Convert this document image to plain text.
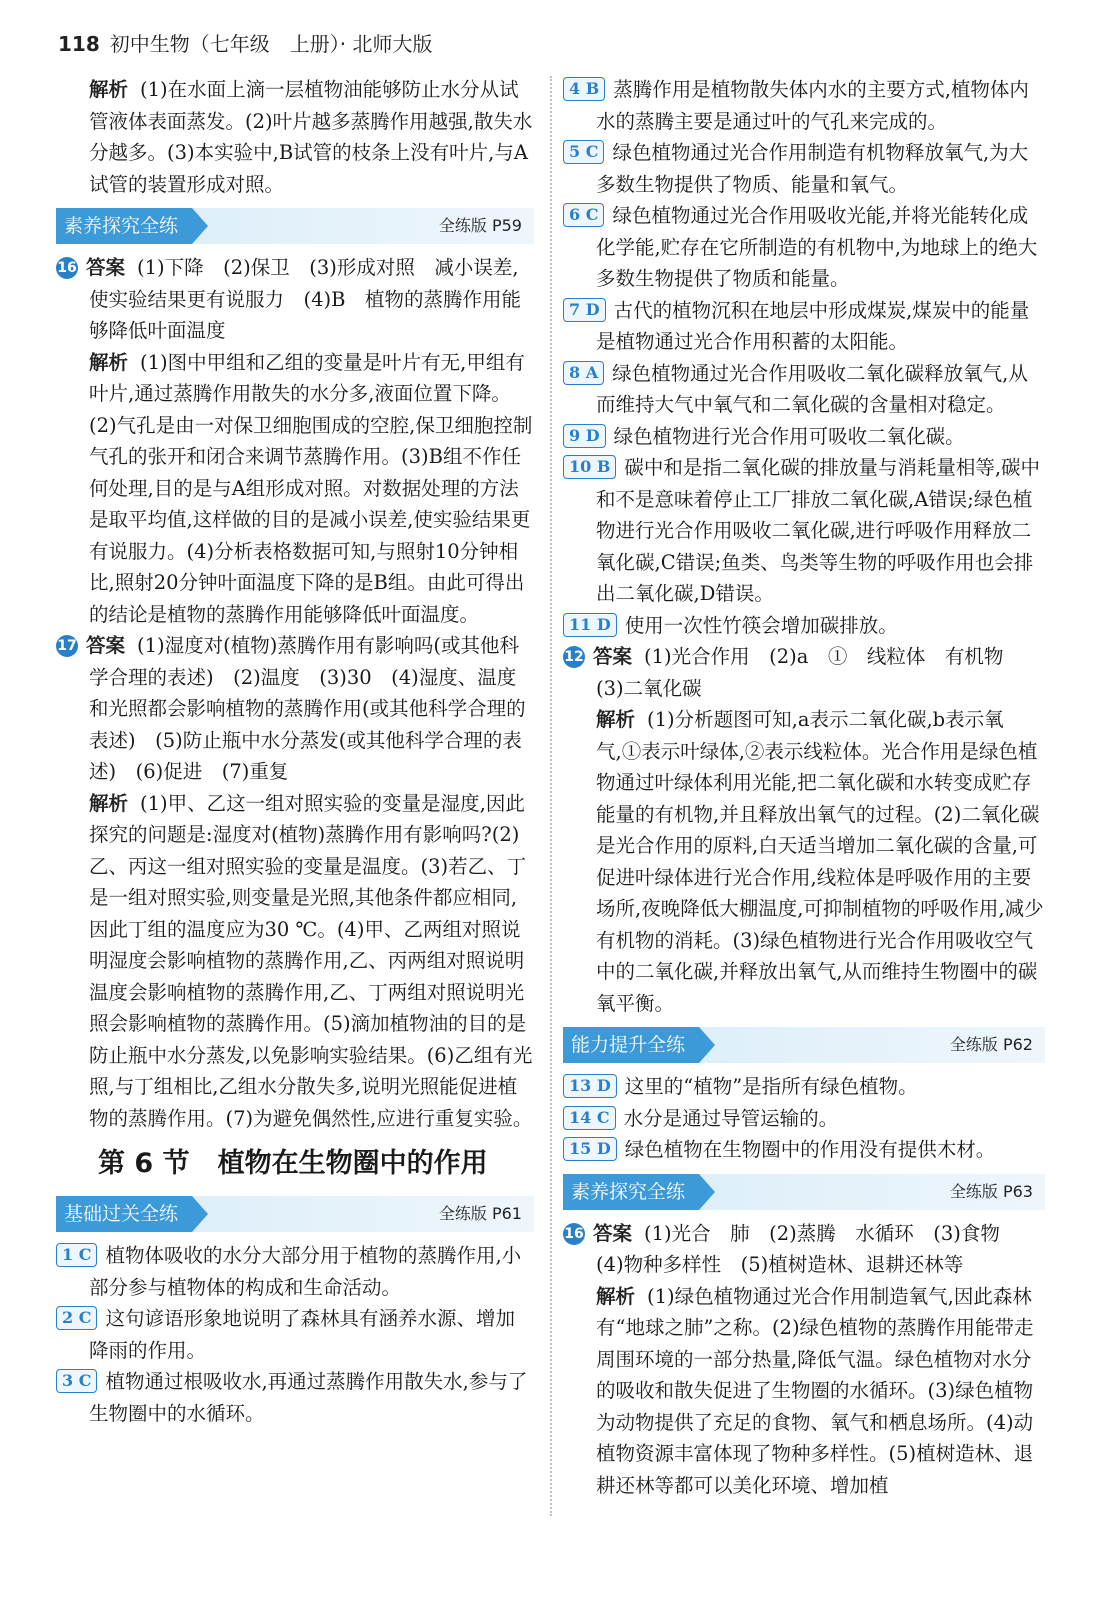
118 初中生物（七年级　上册）· 北师大版

解析 (1)在水面上滴一层植物油能够防止水分从试管液体表面蒸发。(2)叶片越多蒸腾作用越强,散失水分越多。(3)本实验中,B试管的枝条上没有叶片,与A试管的装置形成对照。

素养探究全练	全练版 P59

16 答案 (1)下降　(2)保卫　(3)形成对照　减小误差,使实验结果更有说服力　(4)B　植物的蒸腾作用能够降低叶面温度

解析 (1)图中甲组和乙组的变量是叶片有无,甲组有叶片,通过蒸腾作用散失的水分多,液面位置下降。(2)气孔是由一对保卫细胞围成的空腔,保卫细胞控制气孔的张开和闭合来调节蒸腾作用。(3)B组不作任何处理,目的是与A组形成对照。对数据处理的方法是取平均值,这样做的目的是减小误差,使实验结果更有说服力。(4)分析表格数据可知,与照射10分钟相比,照射20分钟叶面温度下降的是B组。由此可得出的结论是植物的蒸腾作用能够降低叶面温度。

17 答案 (1)湿度对(植物)蒸腾作用有影响吗(或其他科学合理的表述)　(2)温度　(3)30　(4)湿度、温度和光照都会影响植物的蒸腾作用(或其他科学合理的表述)　(5)防止瓶中水分蒸发(或其他科学合理的表述)　(6)促进　(7)重复

解析 (1)甲、乙这一组对照实验的变量是湿度,因此探究的问题是:湿度对(植物)蒸腾作用有影响吗?(2)乙、丙这一组对照实验的变量是温度。(3)若乙、丁是一组对照实验,则变量是光照,其他条件都应相同,因此丁组的温度应为30 ℃。(4)甲、乙两组对照说明湿度会影响植物的蒸腾作用,乙、丙两组对照说明温度会影响植物的蒸腾作用,乙、丁两组对照说明光照会影响植物的蒸腾作用。(5)滴加植物油的目的是防止瓶中水分蒸发,以免影响实验结果。(6)乙组有光照,与丁组相比,乙组水分散失多,说明光照能促进植物的蒸腾作用。(7)为避免偶然性,应进行重复实验。

第 6 节 植物在生物圈中的作用
基础过关全练	全练版 P61

1 C 植物体吸收的水分大部分用于植物的蒸腾作用,小部分参与植物体的构成和生命活动。

2 C 这句谚语形象地说明了森林具有涵养水源、增加降雨的作用。

3 C 植物通过根吸收水,再通过蒸腾作用散失水,参与了生物圈中的水循环。

4 B 蒸腾作用是植物散失体内水的主要方式,植物体内水的蒸腾主要是通过叶的气孔来完成的。

5 C 绿色植物通过光合作用制造有机物释放氧气,为大多数生物提供了物质、能量和氧气。

6 C 绿色植物通过光合作用吸收光能,并将光能转化成化学能,贮存在它所制造的有机物中,为地球上的绝大多数生物提供了物质和能量。

7 D 古代的植物沉积在地层中形成煤炭,煤炭中的能量是植物通过光合作用积蓄的太阳能。

8 A 绿色植物通过光合作用吸收二氧化碳释放氧气,从而维持大气中氧气和二氧化碳的含量相对稳定。

9 D 绿色植物进行光合作用可吸收二氧化碳。

10 B 碳中和是指二氧化碳的排放量与消耗量相等,碳中和不是意味着停止工厂排放二氧化碳,A错误;绿色植物进行光合作用吸收二氧化碳,进行呼吸作用释放二氧化碳,C错误;鱼类、鸟类等生物的呼吸作用也会排出二氧化碳,D错误。

11 D 使用一次性竹筷会增加碳排放。

12 答案 (1)光合作用　(2)a　①　线粒体　有机物　(3)二氧化碳

解析 (1)分析题图可知,a表示二氧化碳,b表示氧气,①表示叶绿体,②表示线粒体。光合作用是绿色植物通过叶绿体利用光能,把二氧化碳和水转变成贮存能量的有机物,并且释放出氧气的过程。(2)二氧化碳是光合作用的原料,白天适当增加二氧化碳的含量,可促进叶绿体进行光合作用,线粒体是呼吸作用的主要场所,夜晚降低大棚温度,可抑制植物的呼吸作用,减少有机物的消耗。(3)绿色植物进行光合作用吸收空气中的二氧化碳,并释放出氧气,从而维持生物圈中的碳氧平衡。

能力提升全练	全练版 P62

13 D 这里的“植物”是指所有绿色植物。

14 C 水分是通过导管运输的。

15 D 绿色植物在生物圈中的作用没有提供木材。

素养探究全练	全练版 P63

16 答案 (1)光合　肺　(2)蒸腾　水循环　(3)食物　(4)物种多样性　(5)植树造林、退耕还林等

解析 (1)绿色植物通过光合作用制造氧气,因此森林有“地球之肺”之称。(2)绿色植物的蒸腾作用能带走周围环境的一部分热量,降低气温。绿色植物对水分的吸收和散失促进了生物圈的水循环。(3)绿色植物为动物提供了充足的食物、氧气和栖息场所。(4)动植物资源丰富体现了物种多样性。(5)植树造林、退耕还林等都可以美化环境、增加植
